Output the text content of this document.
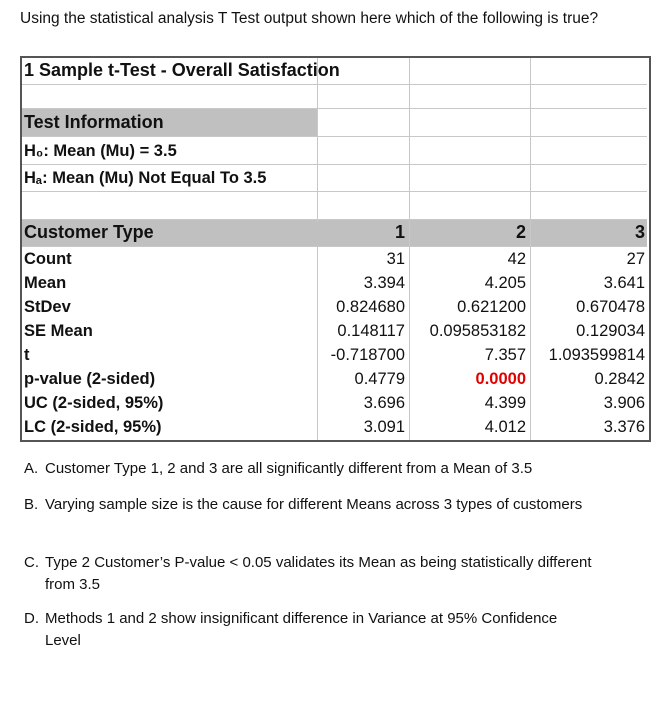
Using the statistical analysis T Test output shown here which of the following is true?
1 Sample t-Test - Overall Satisfaction
Test Information
H₀: Mean (Mu) = 3.5
Hₐ: Mean (Mu) Not Equal To 3.5
Customer Type	1	2	3
Count	31	42	27
Mean	3.394	4.205	3.641
StDev	0.824680	0.621200	0.670478
SE Mean	0.148117	0.095853182	0.129034
t	-0.718700	7.357	1.093599814
p-value (2-sided)	0.4779	0.0000	0.2842
UC (2-sided, 95%)	3.696	4.399	3.906
LC (2-sided, 95%)	3.091	4.012	3.376
A. Customer Type 1, 2 and 3 are all significantly different from a Mean of 3.5
B. Varying sample size is the cause for different Means across 3 types of customers
C. Type 2 Customer’s P-value < 0.05 validates its Mean as being statistically different from 3.5
D. Methods 1 and 2 show insignificant difference in Variance at 95% Confidence Level
